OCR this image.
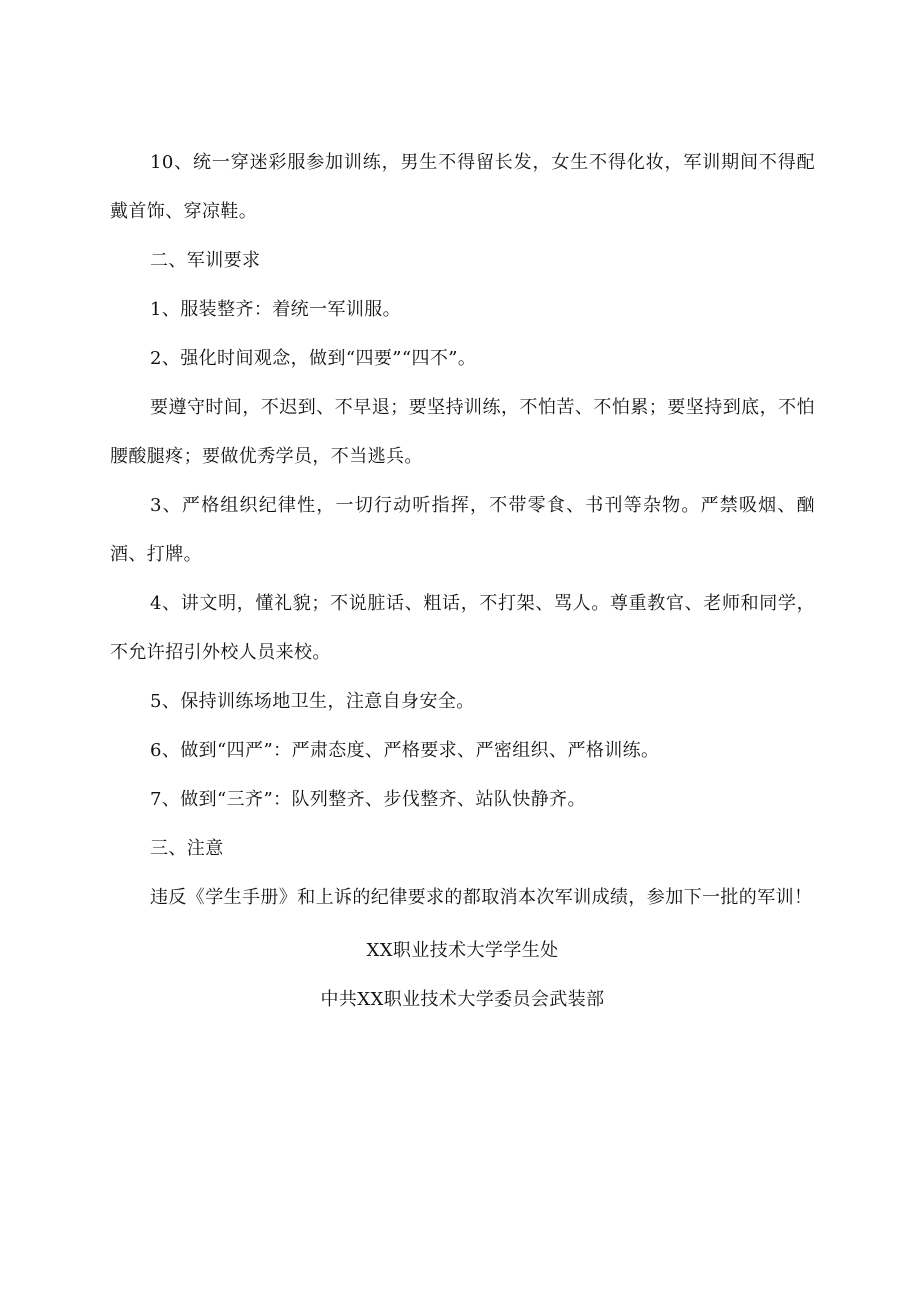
10、统一穿迷彩服参加训练，男生不得留长发，女生不得化妆，军训期间不得配戴首饰、穿凉鞋。

二、军训要求

1、服装整齐：着统一军训服。

2、强化时间观念，做到“四要”“四不”。

要遵守时间，不迟到、不早退；要坚持训练，不怕苦、不怕累；要坚持到底，不怕腰酸腿疼；要做优秀学员，不当逃兵。

3、严格组织纪律性，一切行动听指挥，不带零食、书刊等杂物。严禁吸烟、酗酒、打牌。

4、讲文明，懂礼貌；不说脏话、粗话，不打架、骂人。尊重教官、老师和同学，不允许招引外校人员来校。

5、保持训练场地卫生，注意自身安全。

6、做到“四严”：严肃态度、严格要求、严密组织、严格训练。

7、做到“三齐”：队列整齐、步伐整齐、站队快静齐。

三、注意

违反《学生手册》和上诉的纪律要求的都取消本次军训成绩，参加下一批的军训！

XX职业技术大学学生处

中共XX职业技术大学委员会武装部
